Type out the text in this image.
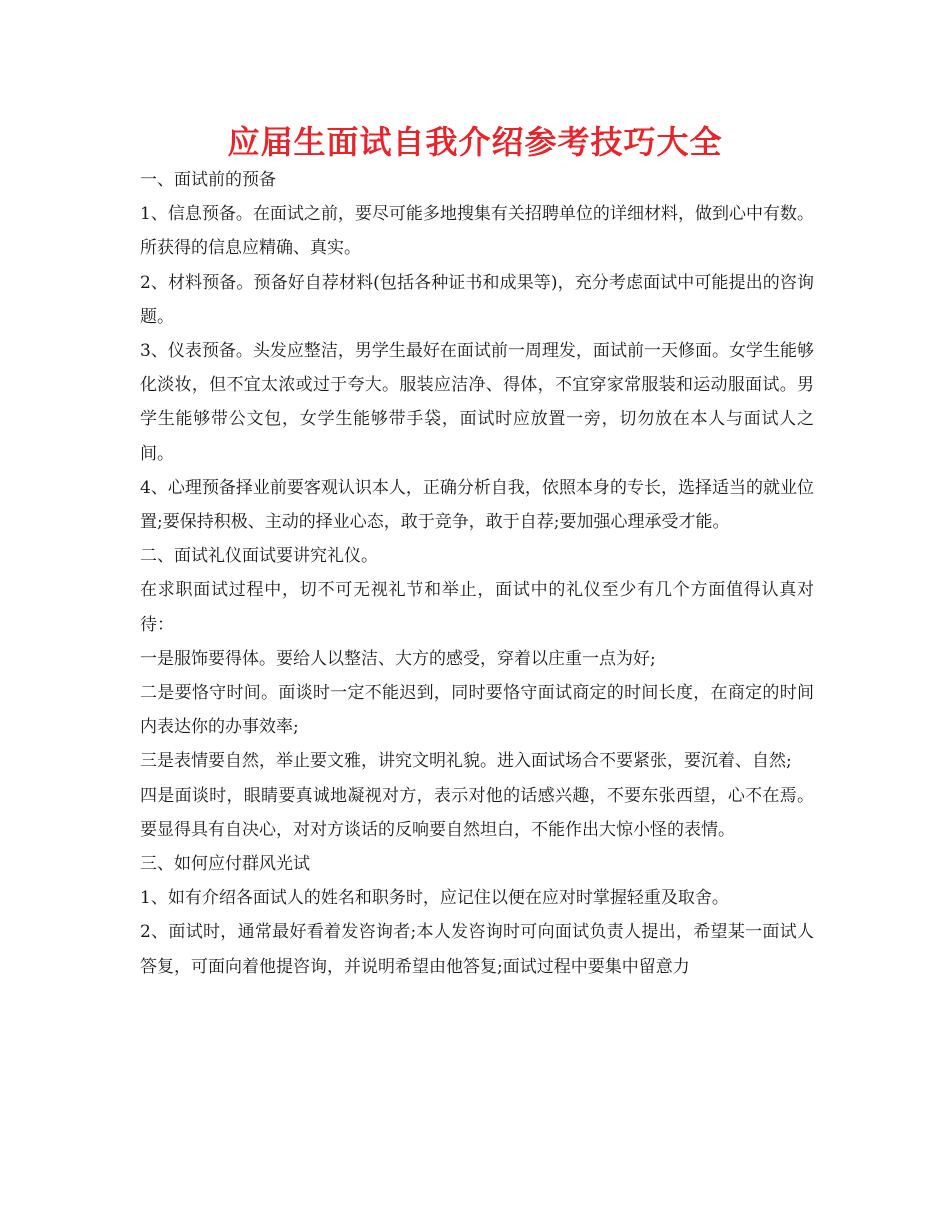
应届生面试自我介绍参考技巧大全

一、面试前的预备

1、信息预备。在面试之前，要尽可能多地搜集有关招聘单位的详细材料，做到心中有数。所获得的信息应精确、真实。

2、材料预备。预备好自荐材料(包括各种证书和成果等)，充分考虑面试中可能提出的咨询题。

3、仪表预备。头发应整洁，男学生最好在面试前一周理发，面试前一天修面。女学生能够化淡妆，但不宜太浓或过于夸大。服装应洁净、得体，不宜穿家常服装和运动服面试。男学生能够带公文包，女学生能够带手袋，面试时应放置一旁，切勿放在本人与面试人之间。

4、心理预备择业前要客观认识本人，正确分析自我，依照本身的专长，选择适当的就业位置;要保持积极、主动的择业心态，敢于竞争，敢于自荐;要加强心理承受才能。

二、面试礼仪面试要讲究礼仪。

在求职面试过程中，切不可无视礼节和举止，面试中的礼仪至少有几个方面值得认真对待：

一是服饰要得体。要给人以整洁、大方的感受，穿着以庄重一点为好;

二是要恪守时间。面谈时一定不能迟到，同时要恪守面试商定的时间长度，在商定的时间内表达你的办事效率;

三是表情要自然，举止要文雅，讲究文明礼貌。进入面试场合不要紧张，要沉着、自然;

四是面谈时，眼睛要真诚地凝视对方，表示对他的话感兴趣，不要东张西望，心不在焉。要显得具有自决心，对对方谈话的反响要自然坦白，不能作出大惊小怪的表情。

三、如何应付群风光试

1、如有介绍各面试人的姓名和职务时，应记住以便在应对时掌握轻重及取舍。

2、面试时，通常最好看着发咨询者;本人发咨询时可向面试负责人提出，希望某一面试人答复，可面向着他提咨询，并说明希望由他答复;面试过程中要集中留意力
